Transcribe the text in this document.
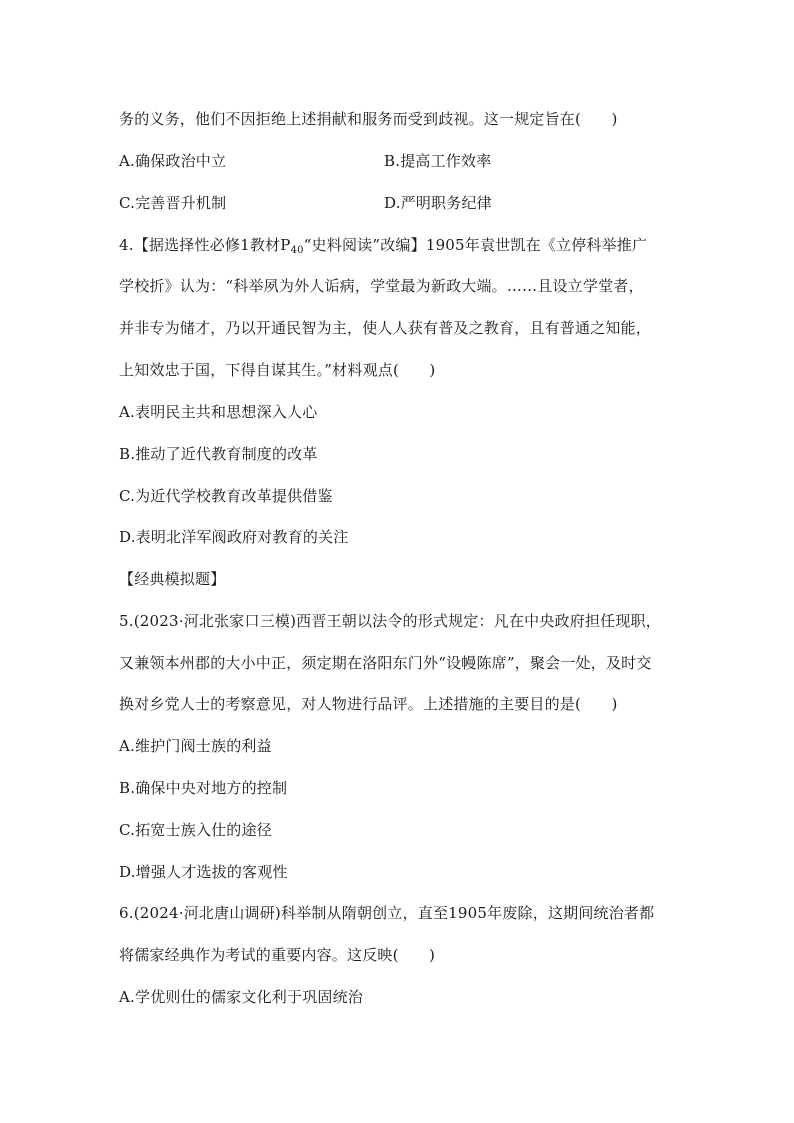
务的义务，他们不因拒绝上述捐献和服务而受到歧视。这一规定旨在(　　)
A.确保政治中立	B.提高工作效率
C.完善晋升机制	D.严明职务纪律
4.【据选择性必修1教材$P_{40}“$史料阅读”改编】1905年袁世凯在《立停科举推广
学校折》认为：“科举夙为外人诟病，学堂最为新政大端。……且设立学堂者，
并非专为储才，乃以开通民智为主，使人人获有普及之教育，且有普通之知能，
上知效忠于国，下得自谋其生。”材料观点(　　)
A.表明民主共和思想深入人心
B.推动了近代教育制度的改革
C.为近代学校教育改革提供借鉴
D.表明北洋军阀政府对教育的关注
【经典模拟题】
5.(2023·河北张家口三模)西晋王朝以法令的形式规定：凡在中央政府担任现职，
又兼领本州郡的大小中正，须定期在洛阳东门外“设幔陈席”，聚会一处，及时交
换对乡党人士的考察意见，对人物进行品评。上述措施的主要目的是(　　)
A.维护门阀士族的利益
B.确保中央对地方的控制
C.拓宽士族入仕的途径
D.增强人才选拔的客观性
6.(2024·河北唐山调研)科举制从隋朝创立，直至1905年废除，这期间统治者都
将儒家经典作为考试的重要内容。这反映(　　)
A.学优则仕的儒家文化利于巩固统治
